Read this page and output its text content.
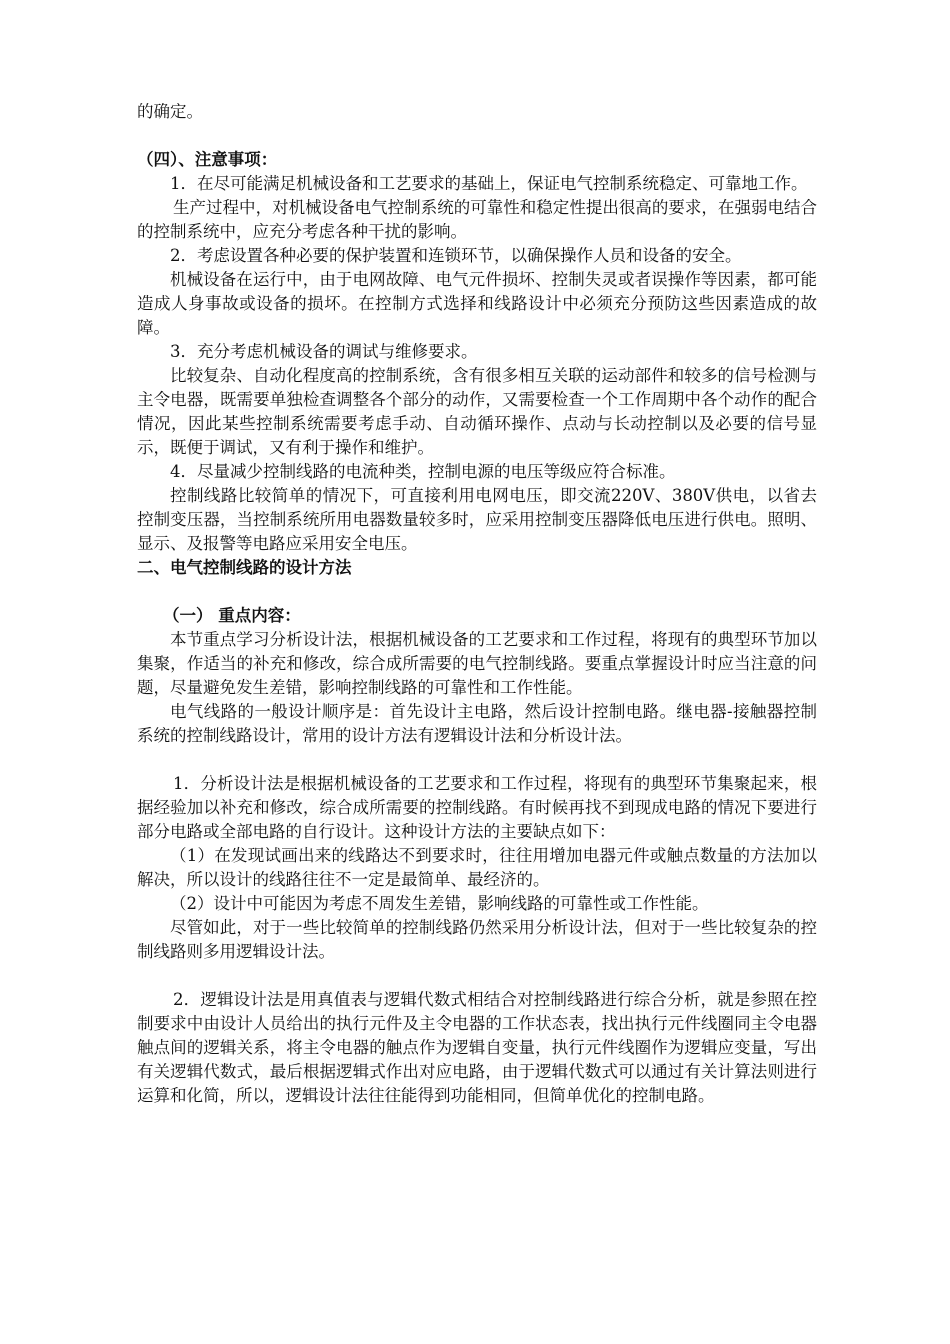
的确定。

（四）、注意事项：

1．在尽可能满足机械设备和工艺要求的基础上，保证电气控制系统稳定、可靠地工作。

生产过程中，对机械设备电气控制系统的可靠性和稳定性提出很高的要求，在强弱电结合的控制系统中，应充分考虑各种干扰的影响。

2．考虑设置各种必要的保护装置和连锁环节，以确保操作人员和设备的安全。

机械设备在运行中，由于电网故障、电气元件损坏、控制失灵或者误操作等因素，都可能造成人身事故或设备的损坏。在控制方式选择和线路设计中必须充分预防这些因素造成的故障。

3．充分考虑机械设备的调试与维修要求。

比较复杂、自动化程度高的控制系统，含有很多相互关联的运动部件和较多的信号检测与主令电器，既需要单独检查调整各个部分的动作，又需要检查一个工作周期中各个动作的配合情况，因此某些控制系统需要考虑手动、自动循环操作、点动与长动控制以及必要的信号显示，既便于调试，又有利于操作和维护。

4．尽量减少控制线路的电流种类，控制电源的电压等级应符合标准。

控制线路比较简单的情况下，可直接利用电网电压，即交流220V、380V供电，以省去控制变压器，当控制系统所用电器数量较多时，应采用控制变压器降低电压进行供电。照明、显示、及报警等电路应采用安全电压。

二、电气控制线路的设计方法

（一） 重点内容：

本节重点学习分析设计法，根据机械设备的工艺要求和工作过程，将现有的典型环节加以集聚，作适当的补充和修改，综合成所需要的电气控制线路。要重点掌握设计时应当注意的问题，尽量避免发生差错，影响控制线路的可靠性和工作性能。

电气线路的一般设计顺序是：首先设计主电路，然后设计控制电路。继电器-接触器控制系统的控制线路设计，常用的设计方法有逻辑设计法和分析设计法。

1．分析设计法是根据机械设备的工艺要求和工作过程，将现有的典型环节集聚起来，根据经验加以补充和修改，综合成所需要的控制线路。有时候再找不到现成电路的情况下要进行部分电路或全部电路的自行设计。这种设计方法的主要缺点如下：

（1）在发现试画出来的线路达不到要求时，往往用增加电器元件或触点数量的方法加以解决，所以设计的线路往往不一定是最简单、最经济的。

（2）设计中可能因为考虑不周发生差错，影响线路的可靠性或工作性能。

尽管如此，对于一些比较简单的控制线路仍然采用分析设计法，但对于一些比较复杂的控制线路则多用逻辑设计法。

2．逻辑设计法是用真值表与逻辑代数式相结合对控制线路进行综合分析，就是参照在控制要求中由设计人员给出的执行元件及主令电器的工作状态表，找出执行元件线圈同主令电器触点间的逻辑关系，将主令电器的触点作为逻辑自变量，执行元件线圈作为逻辑应变量，写出有关逻辑代数式，最后根据逻辑式作出对应电路，由于逻辑代数式可以通过有关计算法则进行运算和化简，所以，逻辑设计法往往能得到功能相同，但简单优化的控制电路。
